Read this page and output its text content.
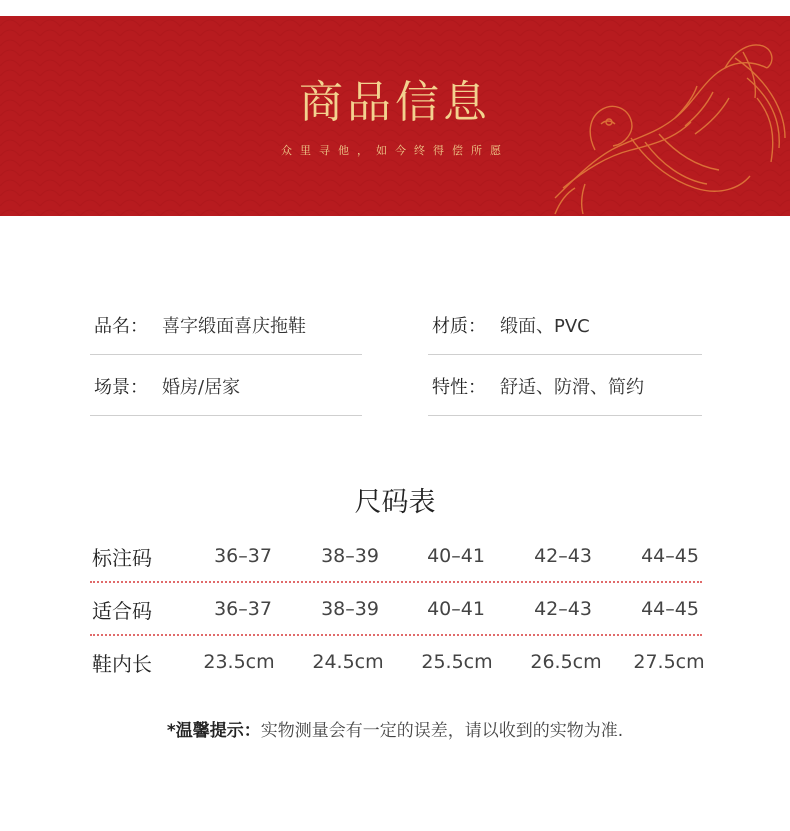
商品信息
众里寻他，如今终得偿所愿
品名： 喜字缎面喜庆拖鞋	材质： 缎面、PVC
场景： 婚房/居家	特性： 舒适、防滑、简约
尺码表
标注码	36–37	38–39	40–41	42–43	44–45
适合码	36–37	38–39	40–41	42–43	44–45
鞋内长	23.5cm	24.5cm	25.5cm	26.5cm	27.5cm
*温馨提示：实物测量会有一定的误差，请以收到的实物为准.
